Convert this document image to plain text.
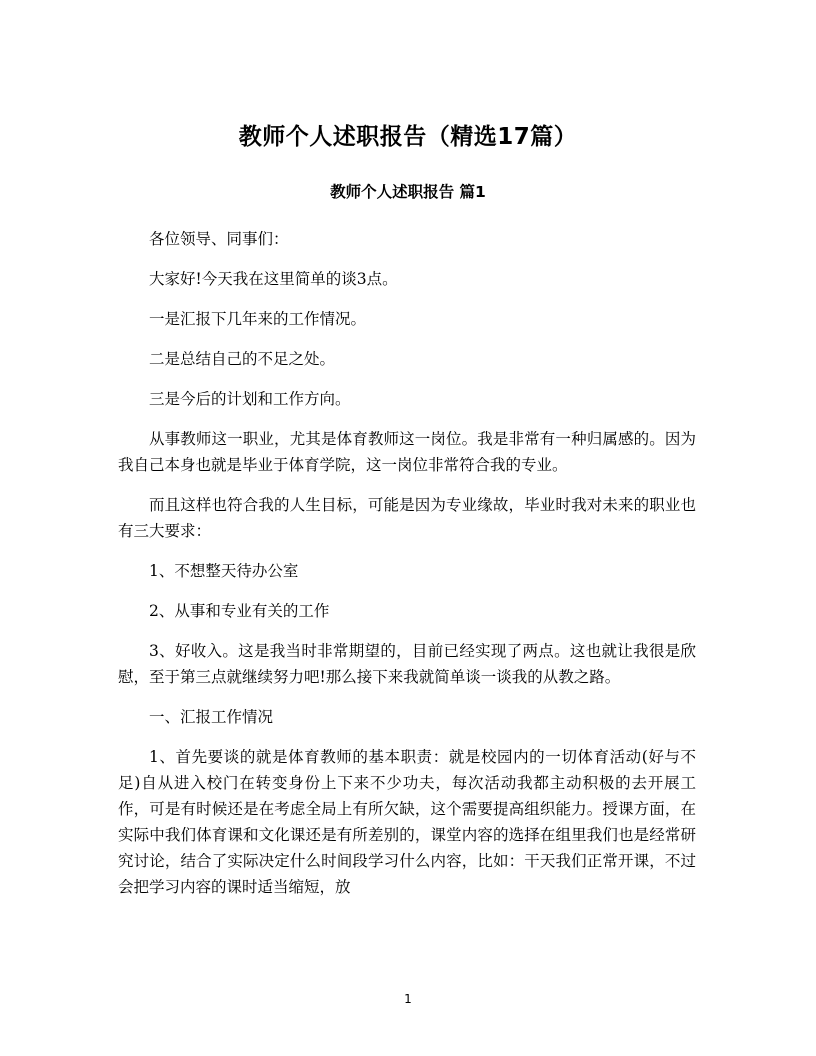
教师个人述职报告（精选17篇）
教师个人述职报告 篇1

各位领导、同事们：

大家好!今天我在这里简单的谈3点。

一是汇报下几年来的工作情况。

二是总结自己的不足之处。

三是今后的计划和工作方向。

从事教师这一职业，尤其是体育教师这一岗位。我是非常有一种归属感的。因为我自己本身也就是毕业于体育学院，这一岗位非常符合我的专业。

而且这样也符合我的人生目标，可能是因为专业缘故，毕业时我对未来的职业也有三大要求：

1、不想整天待办公室

2、从事和专业有关的工作

3、好收入。这是我当时非常期望的，目前已经实现了两点。这也就让我很是欣慰，至于第三点就继续努力吧!那么接下来我就简单谈一谈我的从教之路。

一、汇报工作情况

1、首先要谈的就是体育教师的基本职责：就是校园内的一切体育活动(好与不足)自从进入校门在转变身份上下来不少功夫，每次活动我都主动积极的去开展工作，可是有时候还是在考虑全局上有所欠缺，这个需要提高组织能力。授课方面，在实际中我们体育课和文化课还是有所差别的，课堂内容的选择在组里我们也是经常研究讨论，结合了实际决定什么时间段学习什么内容，比如：干天我们正常开课，不过会把学习内容的课时适当缩短，放

1
